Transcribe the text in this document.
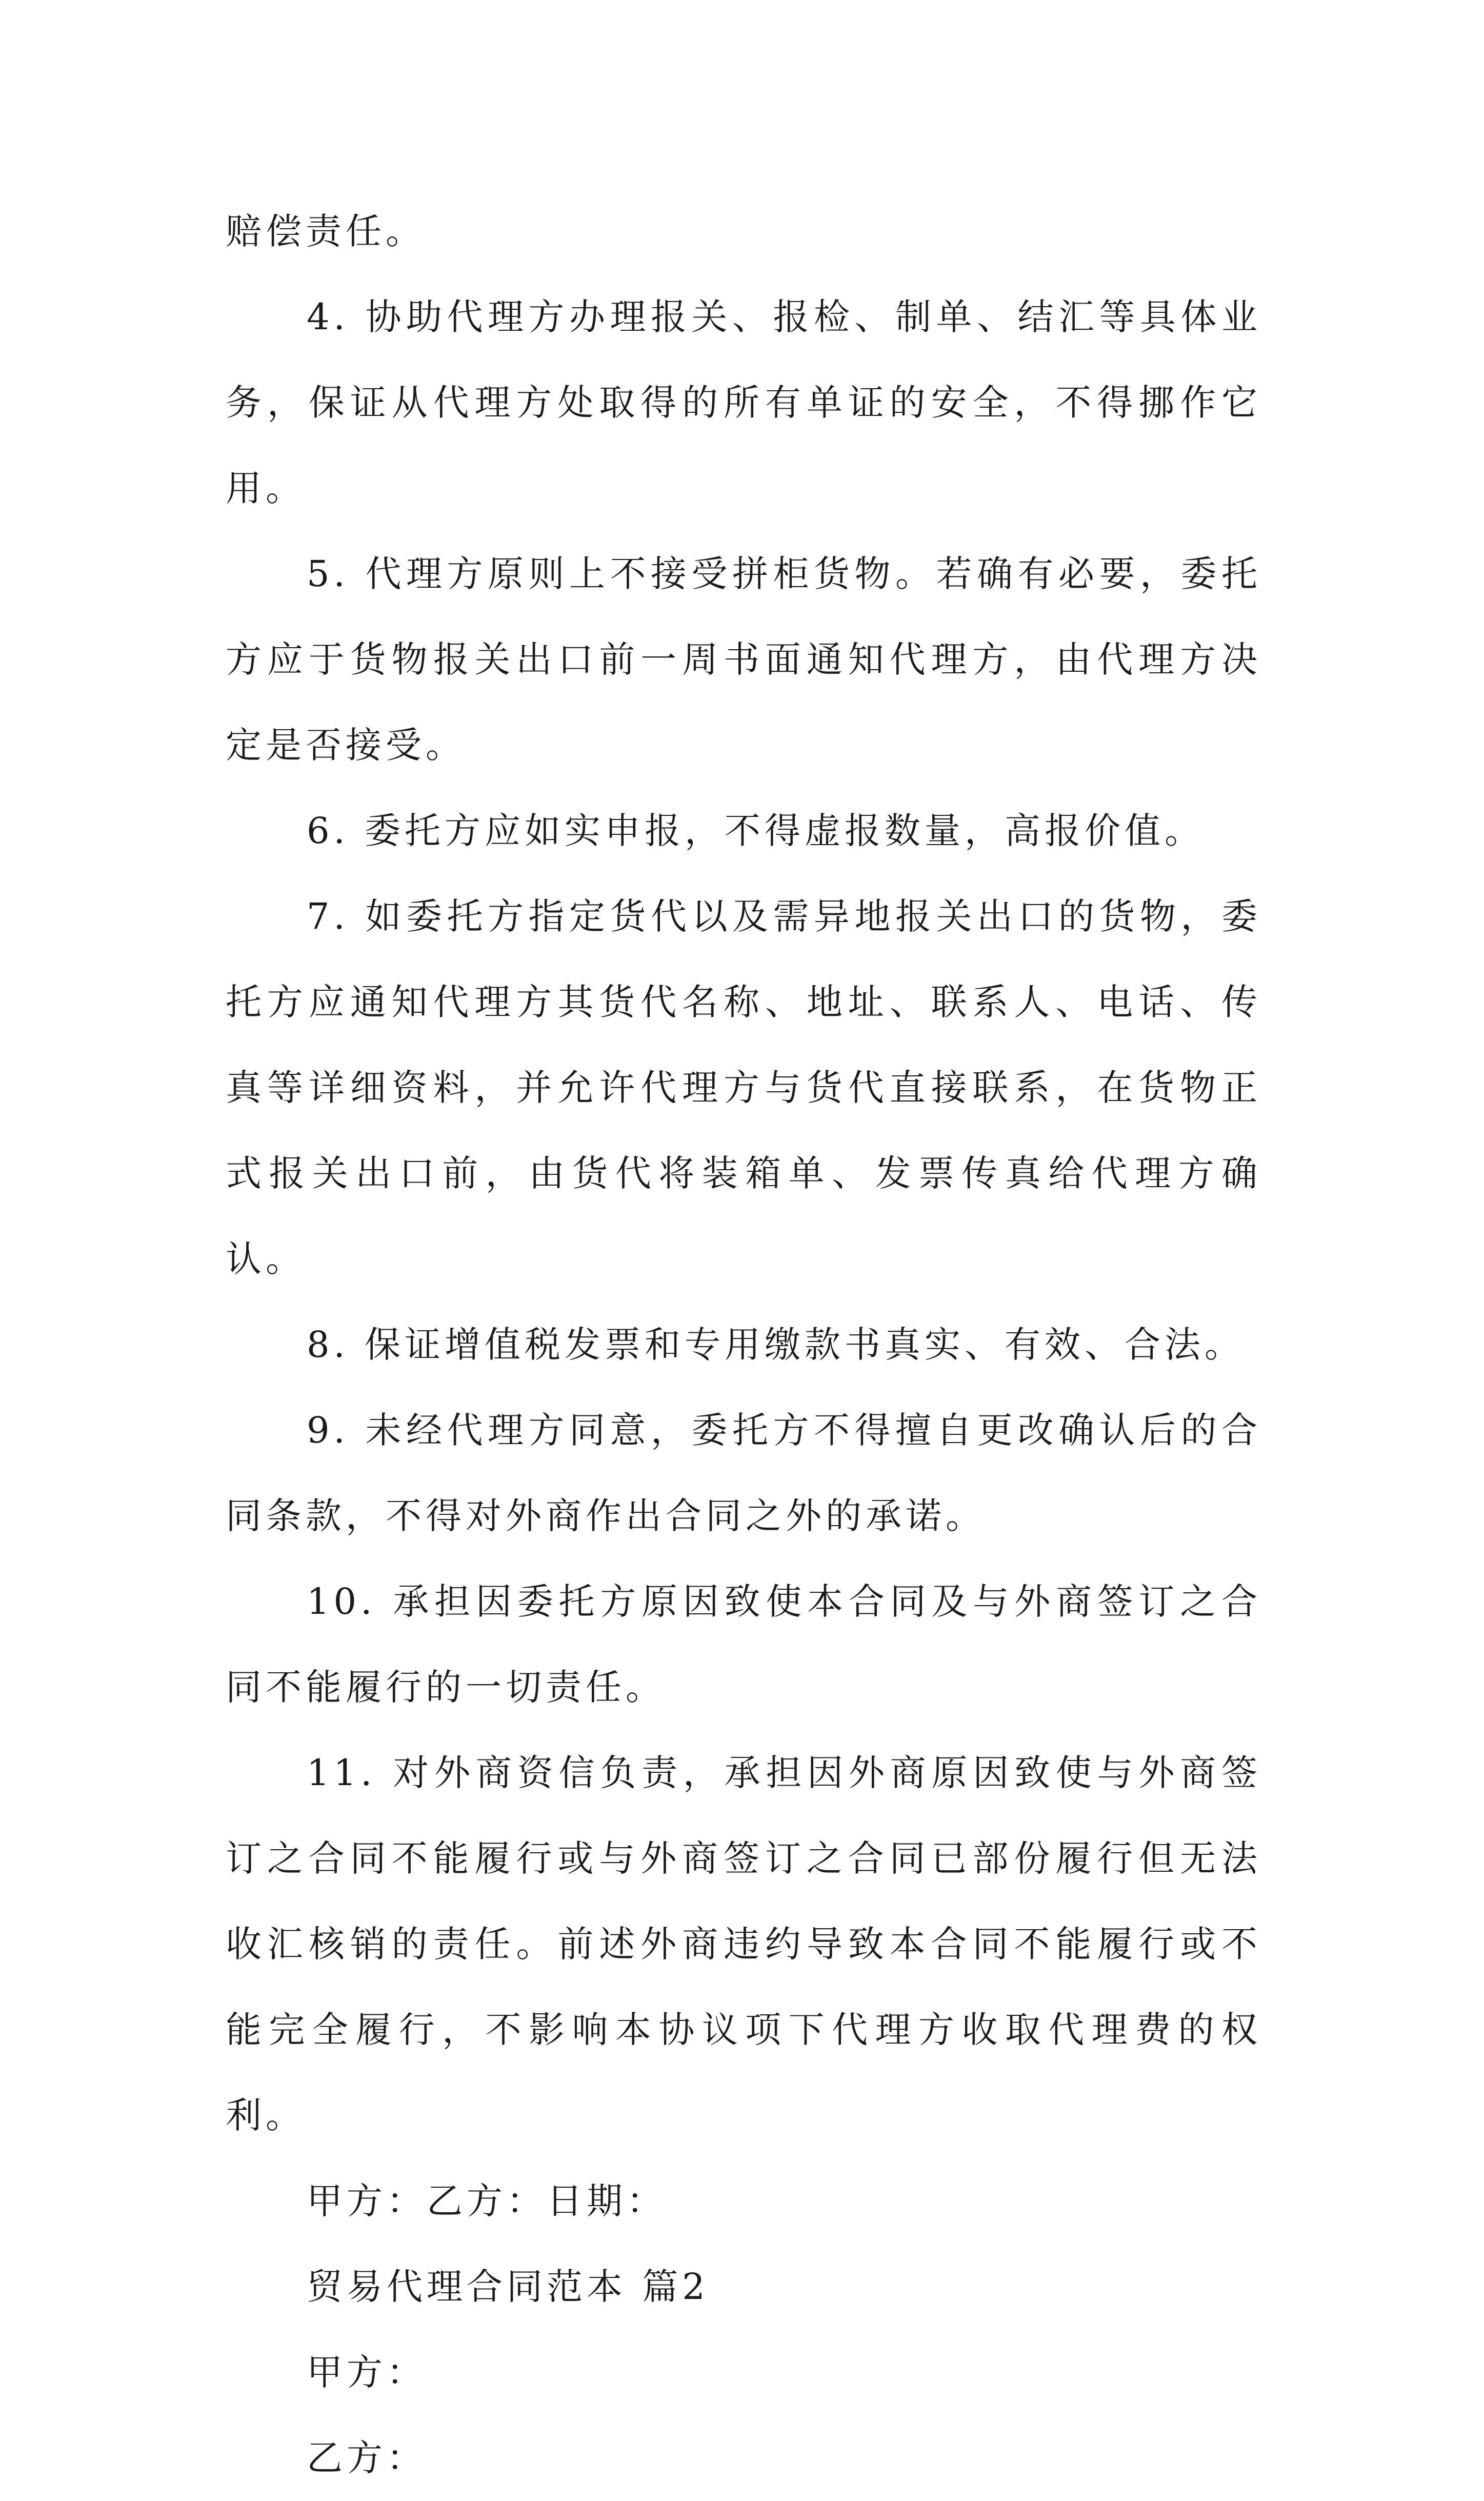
赔偿责任。

4. 协助代理方办理报关、报检、制单、结汇等具体业务，保证从代理方处取得的所有单证的安全，不得挪作它用。

5. 代理方原则上不接受拼柜货物。若确有必要，委托方应于货物报关出口前一周书面通知代理方，由代理方决定是否接受。

6. 委托方应如实申报，不得虚报数量，高报价值。

7. 如委托方指定货代以及需异地报关出口的货物，委托方应通知代理方其货代名称、地址、联系人、电话、传真等详细资料，并允许代理方与货代直接联系，在货物正式报关出口前，由货代将装箱单、发票传真给代理方确认。

8. 保证增值税发票和专用缴款书真实、有效、合法。

9. 未经代理方同意，委托方不得擅自更改确认后的合同条款，不得对外商作出合同之外的承诺。

10. 承担因委托方原因致使本合同及与外商签订之合同不能履行的一切责任。

11. 对外商资信负责，承担因外商原因致使与外商签订之合同不能履行或与外商签订之合同已部份履行但无法收汇核销的责任。前述外商违约导致本合同不能履行或不能完全履行，不影响本协议项下代理方收取代理费的权利。

甲方：乙方：日期：

贸易代理合同范本 篇2

甲方：

乙方：
